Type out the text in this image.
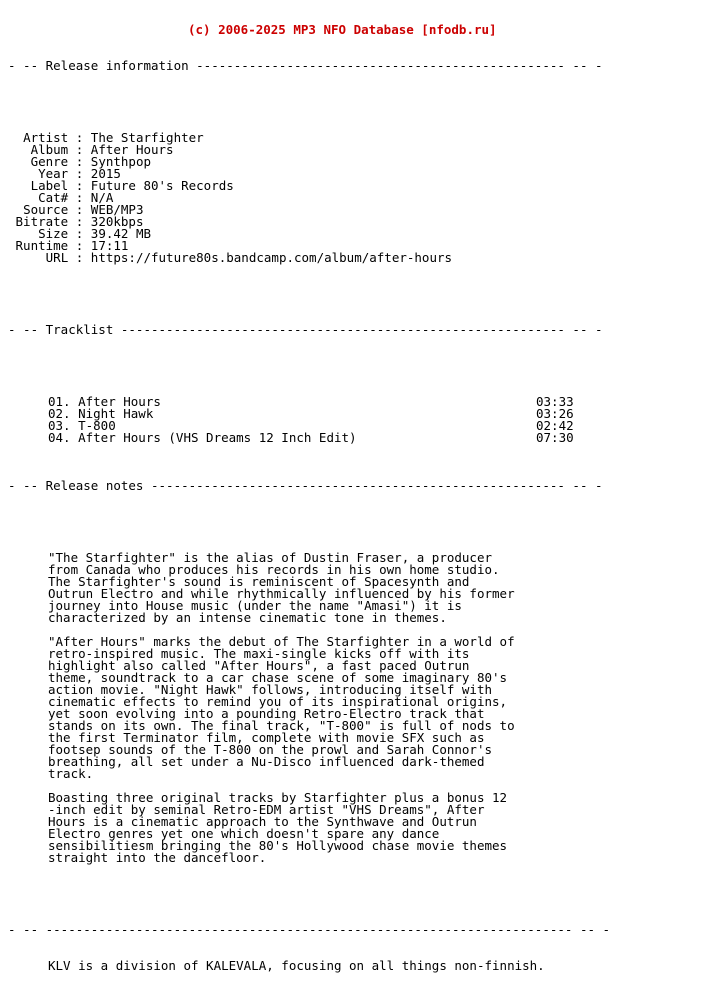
(c) 2006-2025 MP3 NFO Database [nfodb.ru]

- -- Release information ------------------------------------------------- -- -

Artist : The Starfighter
Album : After Hours
Genre : Synthpop
Year : 2015
Label : Future 80's Records
Cat# : N/A
Source : WEB/MP3
Bitrate : 320kbps
Size : 39.42 MB
Runtime : 17:11
URL : https://future80s.bandcamp.com/album/after-hours

- -- Tracklist ----------------------------------------------------------- -- -

01. After Hours	03:33
02. Night Hawk	03:26
03. T-800	02:42
04. After Hours (VHS Dreams 12 Inch Edit)	07:30

- -- Release notes ------------------------------------------------------- -- -

"The Starfighter" is the alias of Dustin Fraser, a producer
from Canada who produces his records in his own home studio.
The Starfighter's sound is reminiscent of Spacesynth and
Outrun Electro and while rhythmically influenced by his former
journey into House music (under the name "Amasi") it is
characterized by an intense cinematic tone in themes.
"After Hours" marks the debut of The Starfighter in a world of
retro-inspired music. The maxi-single kicks off with its
highlight also called "After Hours", a fast paced Outrun
theme, soundtrack to a car chase scene of some imaginary 80's
action movie. "Night Hawk" follows, introducing itself with
cinematic effects to remind you of its inspirational origins,
yet soon evolving into a pounding Retro-Electro track that
stands on its own. The final track, "T-800" is full of nods to
the first Terminator film, complete with movie SFX such as
footsep sounds of the T-800 on the prowl and Sarah Connor's
breathing, all set under a Nu-Disco influenced dark-themed
track.
Boasting three original tracks by Starfighter plus a bonus 12
-inch edit by seminal Retro-EDM artist "VHS Dreams", After
Hours is a cinematic approach to the Synthwave and Outrun
Electro genres yet one which doesn't spare any dance
sensibilitiesm bringing the 80's Hollywood chase movie themes
straight into the dancefloor.

- -- ---------------------------------------------------------------------- -- -

KLV is a division of KALEVALA, focusing on all things non-finnish.
